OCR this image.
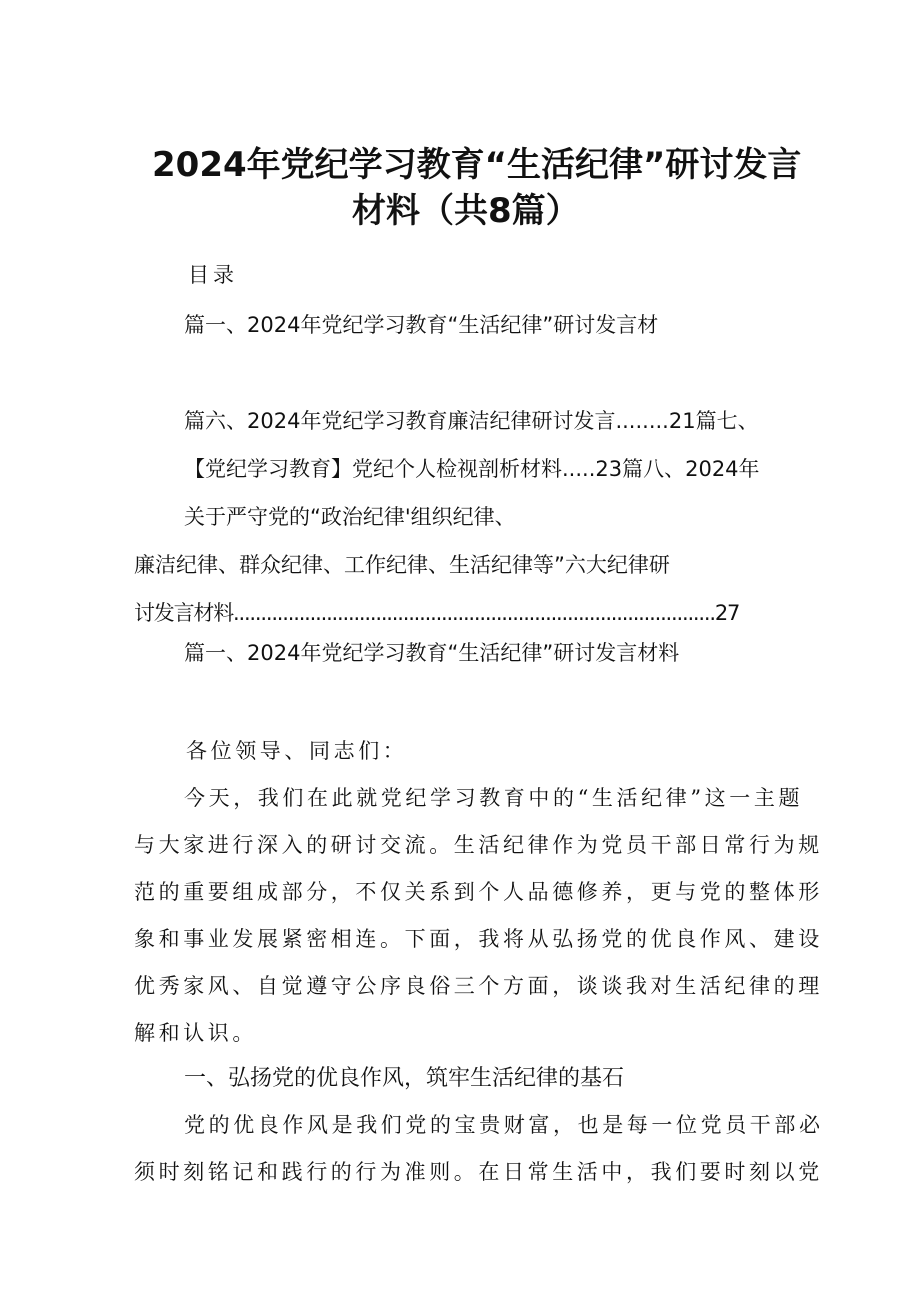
2024年党纪学习教育“生活纪律”研讨发言
材料（共8篇）
目录
篇一、2024年党纪学习教育“生活纪律”研讨发言材
篇六、2024年党纪学习教育廉洁纪律研讨发言........21篇七、
【党纪学习教育】党纪个人检视剖析材料.....23篇八、2024年
关于严守党的“政治纪律'组织纪律、
廉洁纪律、群众纪律、工作纪律、生活纪律等”六大纪律研
讨发言材料........................................................................................27
篇一、2024年党纪学习教育“生活纪律”研讨发言材料
各位领导、同志们：
今天，我们在此就党纪学习教育中的“生活纪律”这一主题
与大家进行深入的研讨交流。生活纪律作为党员干部日常行为规
范的重要组成部分，不仅关系到个人品德修养，更与党的整体形
象和事业发展紧密相连。下面，我将从弘扬党的优良作风、建设
优秀家风、自觉遵守公序良俗三个方面，谈谈我对生活纪律的理
解和认识。
一、弘扬党的优良作风，筑牢生活纪律的基石
党的优良作风是我们党的宝贵财富，也是每一位党员干部必
须时刻铭记和践行的行为准则。在日常生活中，我们要时刻以党
